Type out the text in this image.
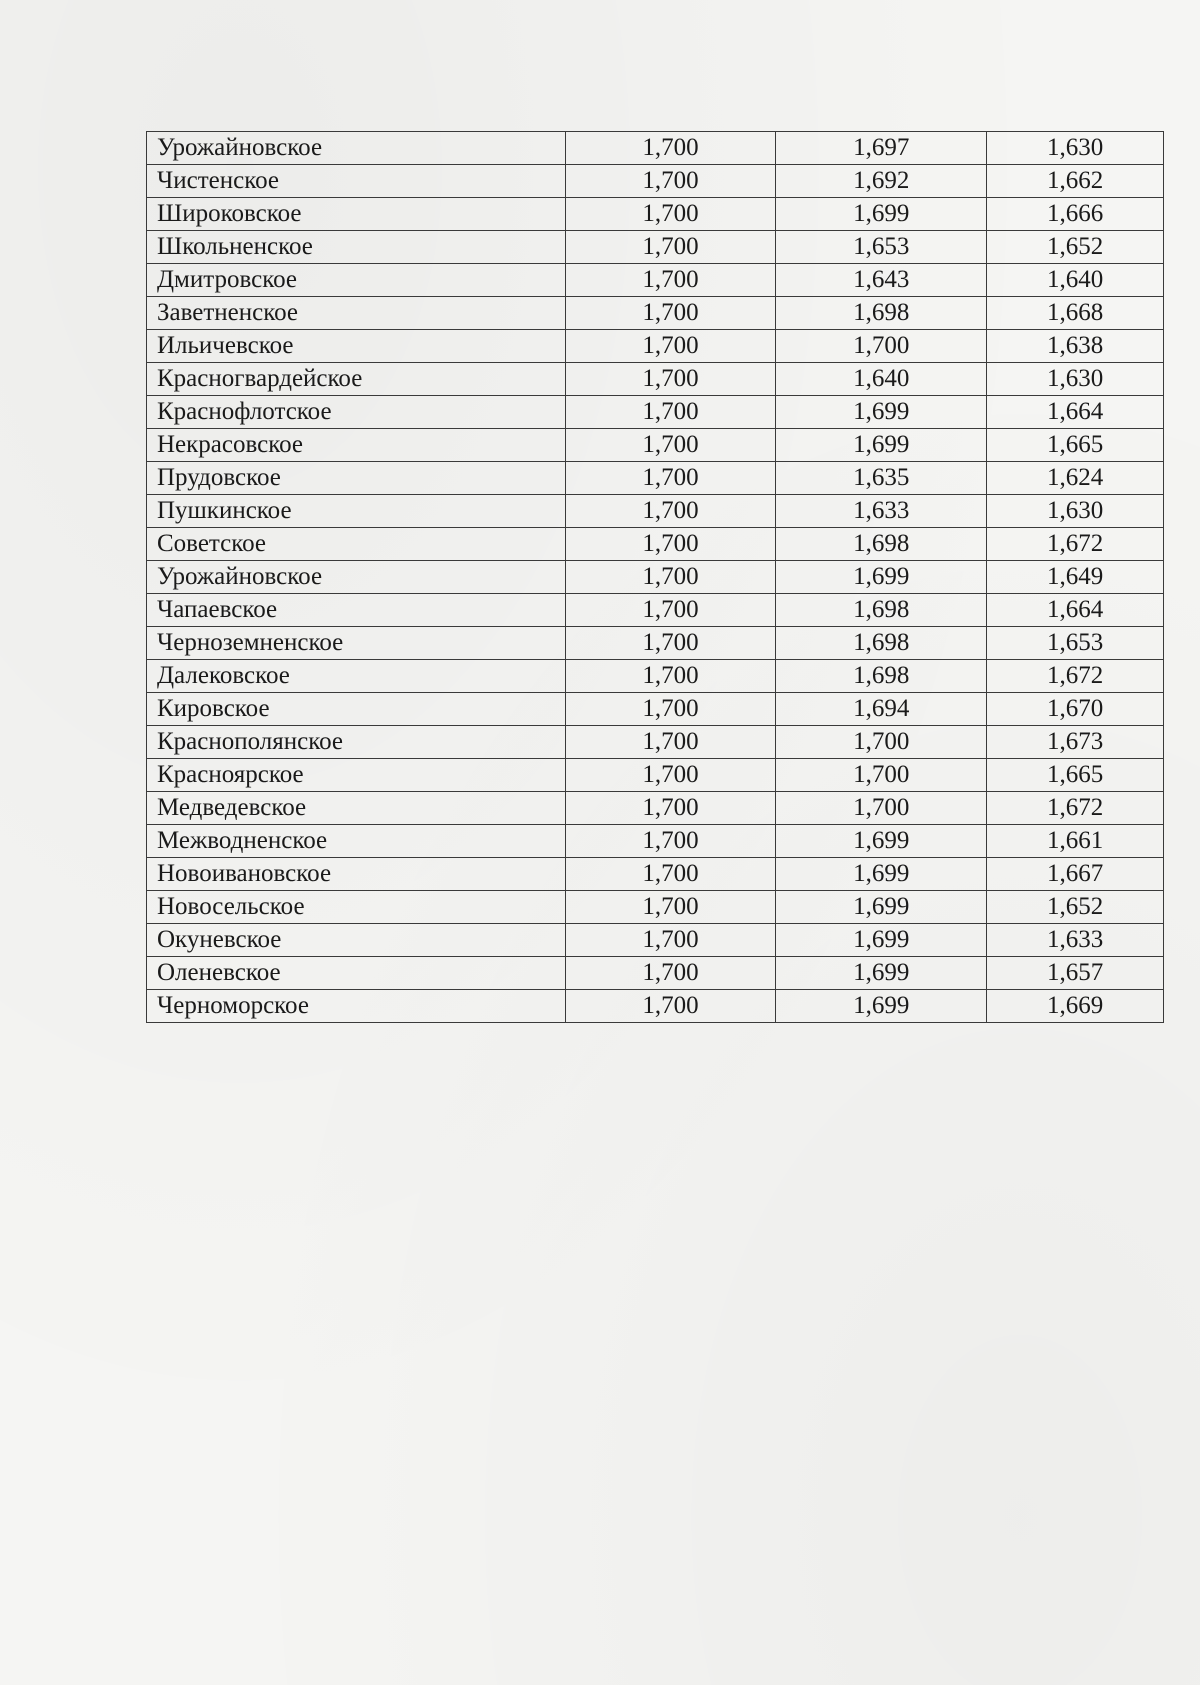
Урожайновское	1,700	1,697	1,630
Чистенское	1,700	1,692	1,662
Широковское	1,700	1,699	1,666
Школьненское	1,700	1,653	1,652
Дмитровское	1,700	1,643	1,640
Заветненское	1,700	1,698	1,668
Ильичевское	1,700	1,700	1,638
Красногвардейское	1,700	1,640	1,630
Краснофлотское	1,700	1,699	1,664
Некрасовское	1,700	1,699	1,665
Прудовское	1,700	1,635	1,624
Пушкинское	1,700	1,633	1,630
Советское	1,700	1,698	1,672
Урожайновское	1,700	1,699	1,649
Чапаевское	1,700	1,698	1,664
Черноземненское	1,700	1,698	1,653
Далековское	1,700	1,698	1,672
Кировское	1,700	1,694	1,670
Краснополянское	1,700	1,700	1,673
Красноярское	1,700	1,700	1,665
Медведевское	1,700	1,700	1,672
Межводненское	1,700	1,699	1,661
Новоивановское	1,700	1,699	1,667
Новосельское	1,700	1,699	1,652
Окуневское	1,700	1,699	1,633
Оленевское	1,700	1,699	1,657
Черноморское	1,700	1,699	1,669
